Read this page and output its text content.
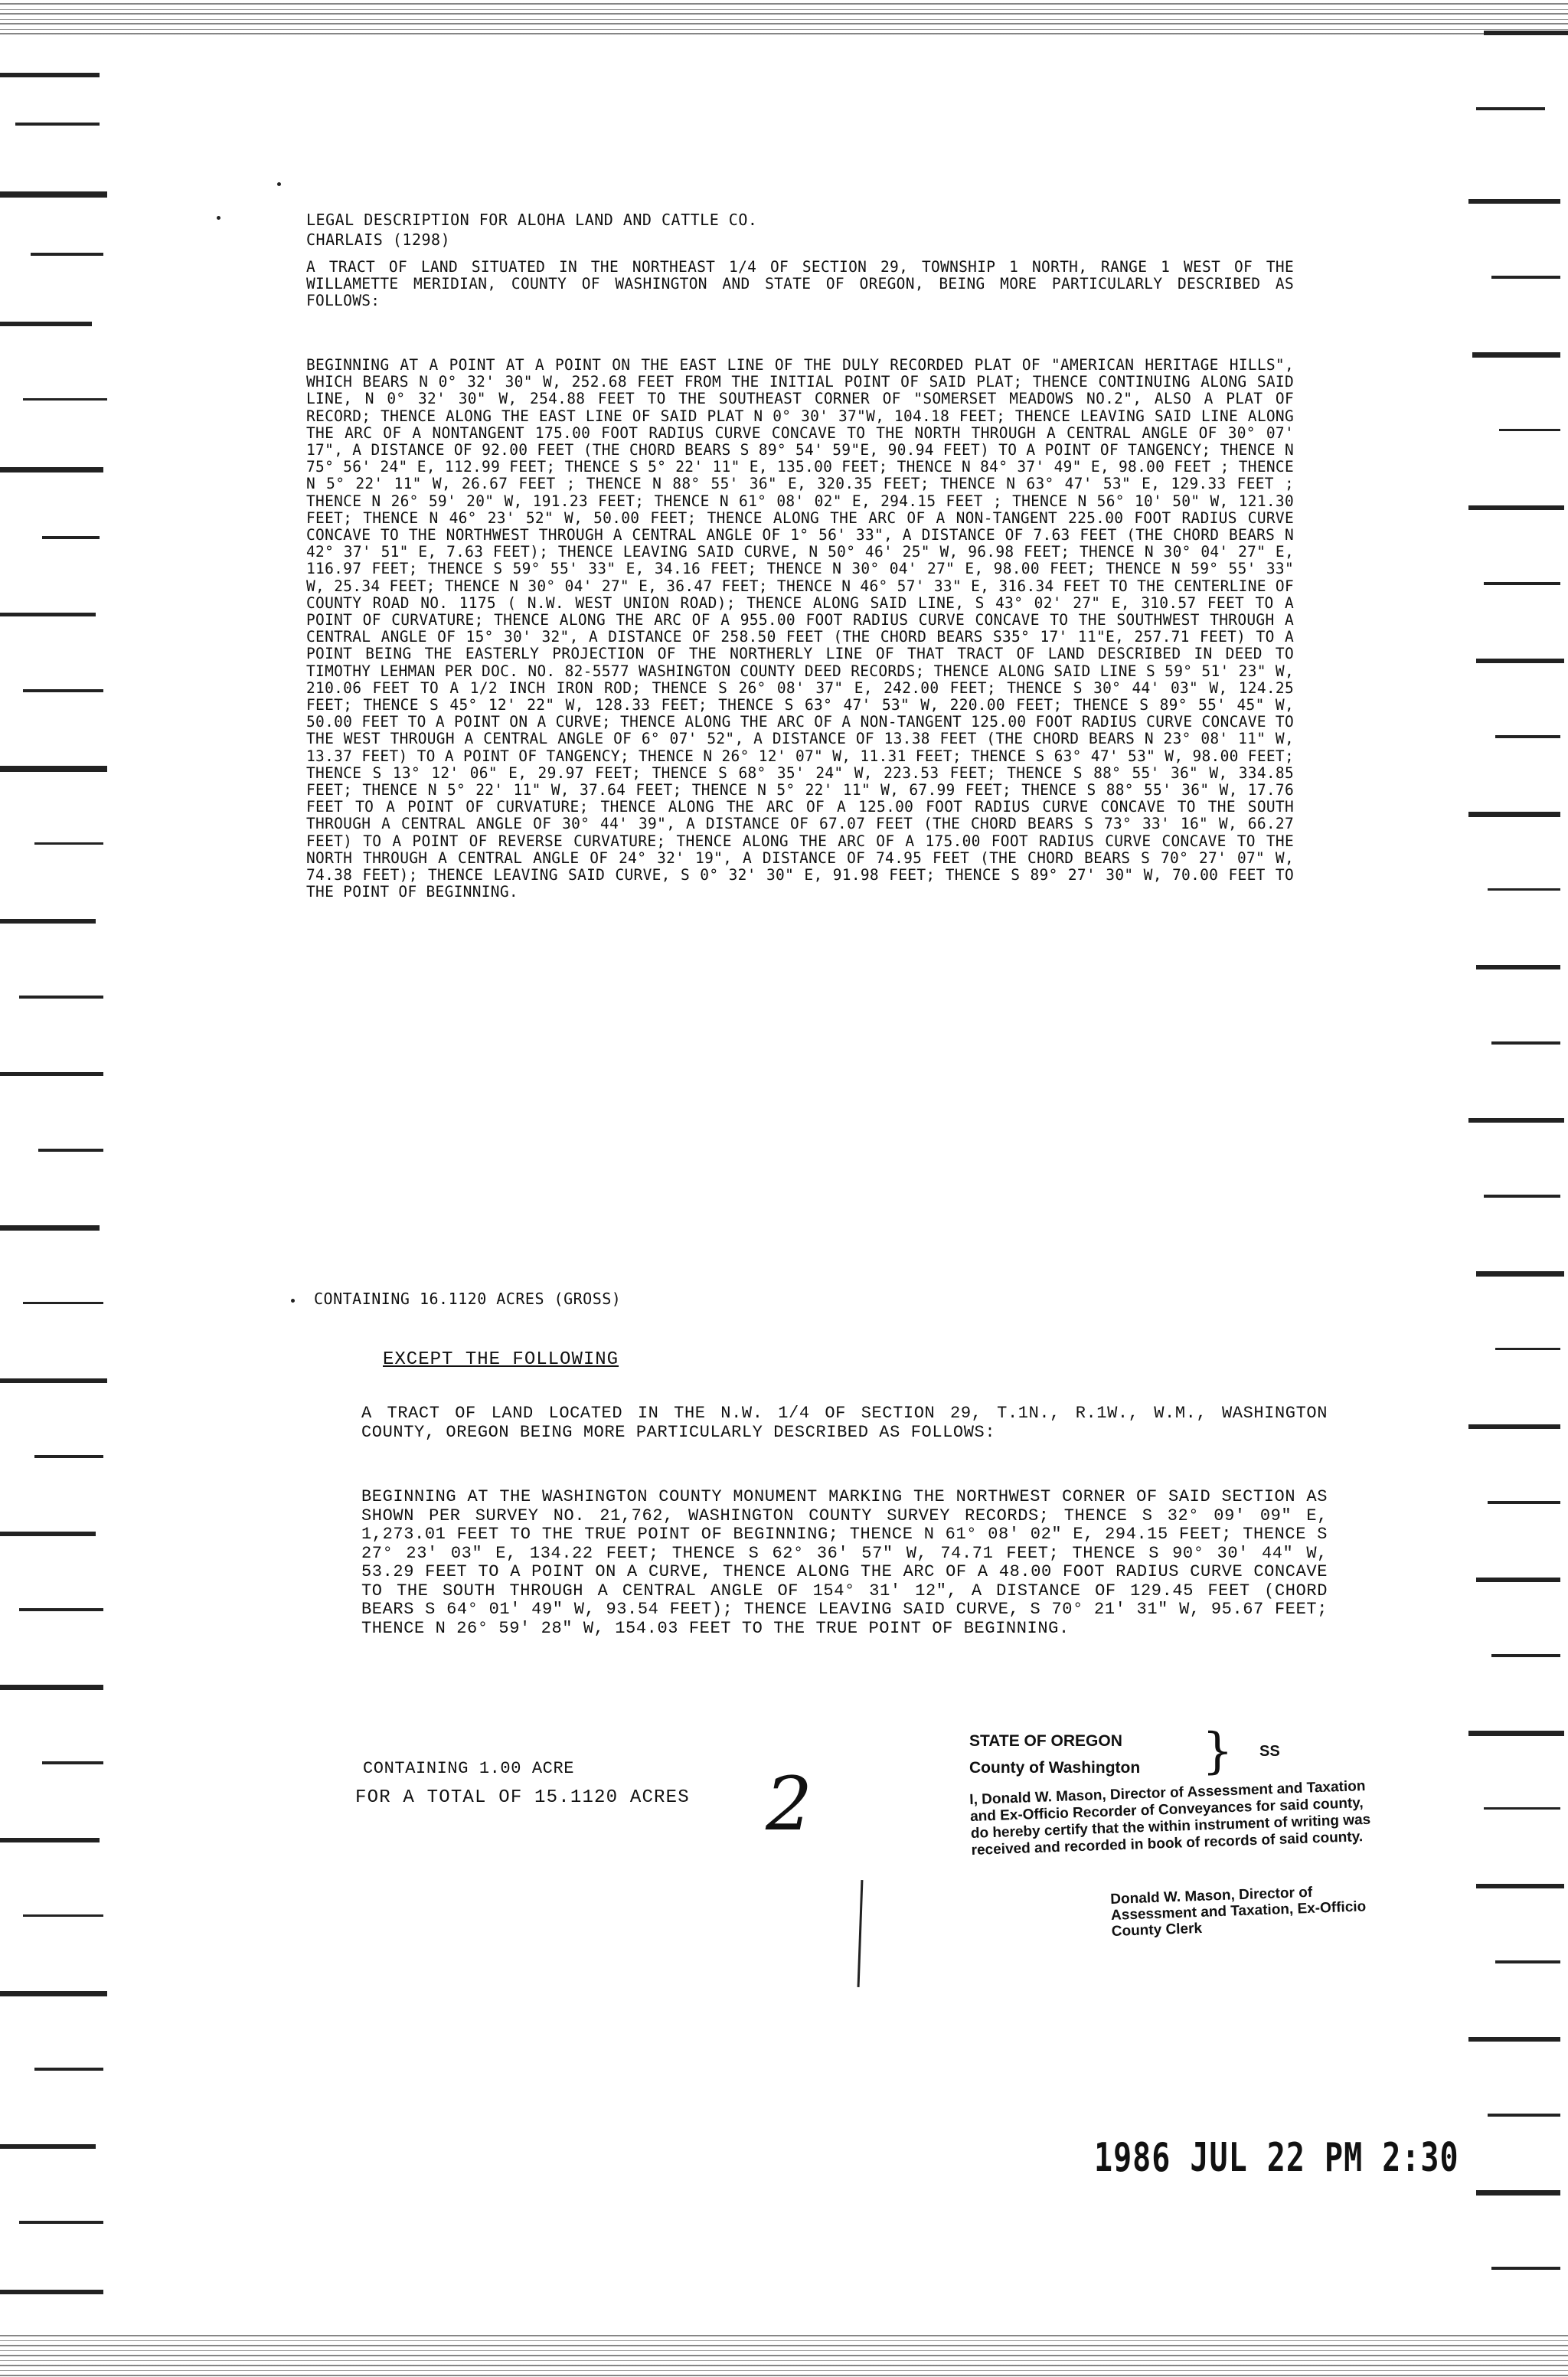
LEGAL DESCRIPTION FOR ALOHA LAND AND CATTLE CO.
CHARLAIS (1298)

A TRACT OF LAND SITUATED IN THE NORTHEAST 1/4 OF SECTION 29, TOWNSHIP 1 NORTH, RANGE 1 WEST OF THE WILLAMETTE MERIDIAN, COUNTY OF WASHINGTON AND STATE OF OREGON, BEING MORE PARTICULARLY DESCRIBED AS FOLLOWS:

BEGINNING AT A POINT AT A POINT ON THE EAST LINE OF THE DULY RECORDED PLAT OF "AMERICAN HERITAGE HILLS", WHICH BEARS N 0° 32' 30" W, 252.68 FEET FROM THE INITIAL POINT OF SAID PLAT; THENCE CONTINUING ALONG SAID LINE, N 0° 32' 30" W, 254.88 FEET TO THE SOUTHEAST CORNER OF "SOMERSET MEADOWS NO.2", ALSO A PLAT OF RECORD; THENCE ALONG THE EAST LINE OF SAID PLAT N 0° 30' 37"W, 104.18 FEET; THENCE LEAVING SAID LINE ALONG THE ARC OF A NONTANGENT 175.00 FOOT RADIUS CURVE CONCAVE TO THE NORTH THROUGH A CENTRAL ANGLE OF 30° 07' 17", A DISTANCE OF 92.00 FEET (THE CHORD BEARS S 89° 54' 59"E, 90.94 FEET) TO A POINT OF TANGENCY; THENCE N 75° 56' 24" E, 112.99 FEET; THENCE S 5° 22' 11" E, 135.00 FEET; THENCE N 84° 37' 49" E, 98.00 FEET ; THENCE N 5° 22' 11" W, 26.67 FEET ; THENCE N 88° 55' 36" E, 320.35 FEET; THENCE N 63° 47' 53" E, 129.33 FEET ; THENCE N 26° 59' 20" W, 191.23 FEET; THENCE N 61° 08' 02" E, 294.15 FEET ; THENCE N 56° 10' 50" W, 121.30 FEET; THENCE N 46° 23' 52" W, 50.00 FEET; THENCE ALONG THE ARC OF A NON-TANGENT 225.00 FOOT RADIUS CURVE CONCAVE TO THE NORTHWEST THROUGH A CENTRAL ANGLE OF 1° 56' 33", A DISTANCE OF 7.63 FEET (THE CHORD BEARS N 42° 37' 51" E, 7.63 FEET); THENCE LEAVING SAID CURVE, N 50° 46' 25" W, 96.98 FEET; THENCE N 30° 04' 27" E, 116.97 FEET; THENCE S 59° 55' 33" E, 34.16 FEET; THENCE N 30° 04' 27" E, 98.00 FEET; THENCE N 59° 55' 33" W, 25.34 FEET; THENCE N 30° 04' 27" E, 36.47 FEET; THENCE N 46° 57' 33" E, 316.34 FEET TO THE CENTERLINE OF COUNTY ROAD NO. 1175 ( N.W. WEST UNION ROAD); THENCE ALONG SAID LINE, S 43° 02' 27" E, 310.57 FEET TO A POINT OF CURVATURE; THENCE ALONG THE ARC OF A 955.00 FOOT RADIUS CURVE CONCAVE TO THE SOUTHWEST THROUGH A CENTRAL ANGLE OF 15° 30' 32", A DISTANCE OF 258.50 FEET (THE CHORD BEARS S35° 17' 11"E, 257.71 FEET) TO A POINT BEING THE EASTERLY PROJECTION OF THE NORTHERLY LINE OF THAT TRACT OF LAND DESCRIBED IN DEED TO TIMOTHY LEHMAN PER DOC. NO. 82-5577 WASHINGTON COUNTY DEED RECORDS; THENCE ALONG SAID LINE S 59° 51' 23" W, 210.06 FEET TO A 1/2 INCH IRON ROD; THENCE S 26° 08' 37" E, 242.00 FEET; THENCE S 30° 44' 03" W, 124.25 FEET; THENCE S 45° 12' 22" W, 128.33 FEET; THENCE S 63° 47' 53" W, 220.00 FEET; THENCE S 89° 55' 45" W, 50.00 FEET TO A POINT ON A CURVE; THENCE ALONG THE ARC OF A NON-TANGENT 125.00 FOOT RADIUS CURVE CONCAVE TO THE WEST THROUGH A CENTRAL ANGLE OF 6° 07' 52", A DISTANCE OF 13.38 FEET (THE CHORD BEARS N 23° 08' 11" W, 13.37 FEET) TO A POINT OF TANGENCY; THENCE N 26° 12' 07" W, 11.31 FEET; THENCE S 63° 47' 53" W, 98.00 FEET; THENCE S 13° 12' 06" E, 29.97 FEET; THENCE S 68° 35' 24" W, 223.53 FEET; THENCE S 88° 55' 36" W, 334.85 FEET; THENCE N 5° 22' 11" W, 37.64 FEET; THENCE N 5° 22' 11" W, 67.99 FEET; THENCE S 88° 55' 36" W, 17.76 FEET TO A POINT OF CURVATURE; THENCE ALONG THE ARC OF A 125.00 FOOT RADIUS CURVE CONCAVE TO THE SOUTH THROUGH A CENTRAL ANGLE OF 30° 44' 39", A DISTANCE OF 67.07 FEET (THE CHORD BEARS S 73° 33' 16" W, 66.27 FEET) TO A POINT OF REVERSE CURVATURE; THENCE ALONG THE ARC OF A 175.00 FOOT RADIUS CURVE CONCAVE TO THE NORTH THROUGH A CENTRAL ANGLE OF 24° 32' 19", A DISTANCE OF 74.95 FEET (THE CHORD BEARS S 70° 27' 07" W, 74.38 FEET); THENCE LEAVING SAID CURVE, S 0° 32' 30" E, 91.98 FEET; THENCE S 89° 27' 30" W, 70.00 FEET TO THE POINT OF BEGINNING.

CONTAINING 16.1120 ACRES (GROSS)
EXCEPT THE FOLLOWING

A TRACT OF LAND LOCATED IN THE N.W. 1/4 OF SECTION 29, T.1N., R.1W., W.M., WASHINGTON COUNTY, OREGON BEING MORE PARTICULARLY DESCRIBED AS FOLLOWS:

BEGINNING AT THE WASHINGTON COUNTY MONUMENT MARKING THE NORTHWEST CORNER OF SAID SECTION AS SHOWN PER SURVEY NO. 21,762, WASHINGTON COUNTY SURVEY RECORDS; THENCE S 32° 09' 09" E, 1,273.01 FEET TO THE TRUE POINT OF BEGINNING; THENCE N 61° 08' 02" E, 294.15 FEET; THENCE S 27° 23' 03" E, 134.22 FEET; THENCE S 62° 36' 57" W, 74.71 FEET; THENCE S 90° 30' 44" W, 53.29 FEET TO A POINT ON A CURVE, THENCE ALONG THE ARC OF A 48.00 FOOT RADIUS CURVE CONCAVE TO THE SOUTH THROUGH A CENTRAL ANGLE OF 154° 31' 12", A DISTANCE OF 129.45 FEET (CHORD BEARS S 64° 01' 49" W, 93.54 FEET); THENCE LEAVING SAID CURVE, S 70° 21' 31" W, 95.67 FEET; THENCE N 26° 59' 28" W, 154.03 FEET TO THE TRUE POINT OF BEGINNING.

CONTAINING 1.00 ACRE
FOR A TOTAL OF 15.1120 ACRES 2
STATE OF OREGON
County of Washington } SS
I, Donald W. Mason, Director of Assessment and Taxation and Ex-Officio Recorder of Conveyances for said county, do hereby certify that the within instrument of writing was received and recorded in book of records of said county.
Donald W. Mason, Director of Assessment and Taxation, Ex-Officio County Clerk
1986 JUL 22 PM 2:30
